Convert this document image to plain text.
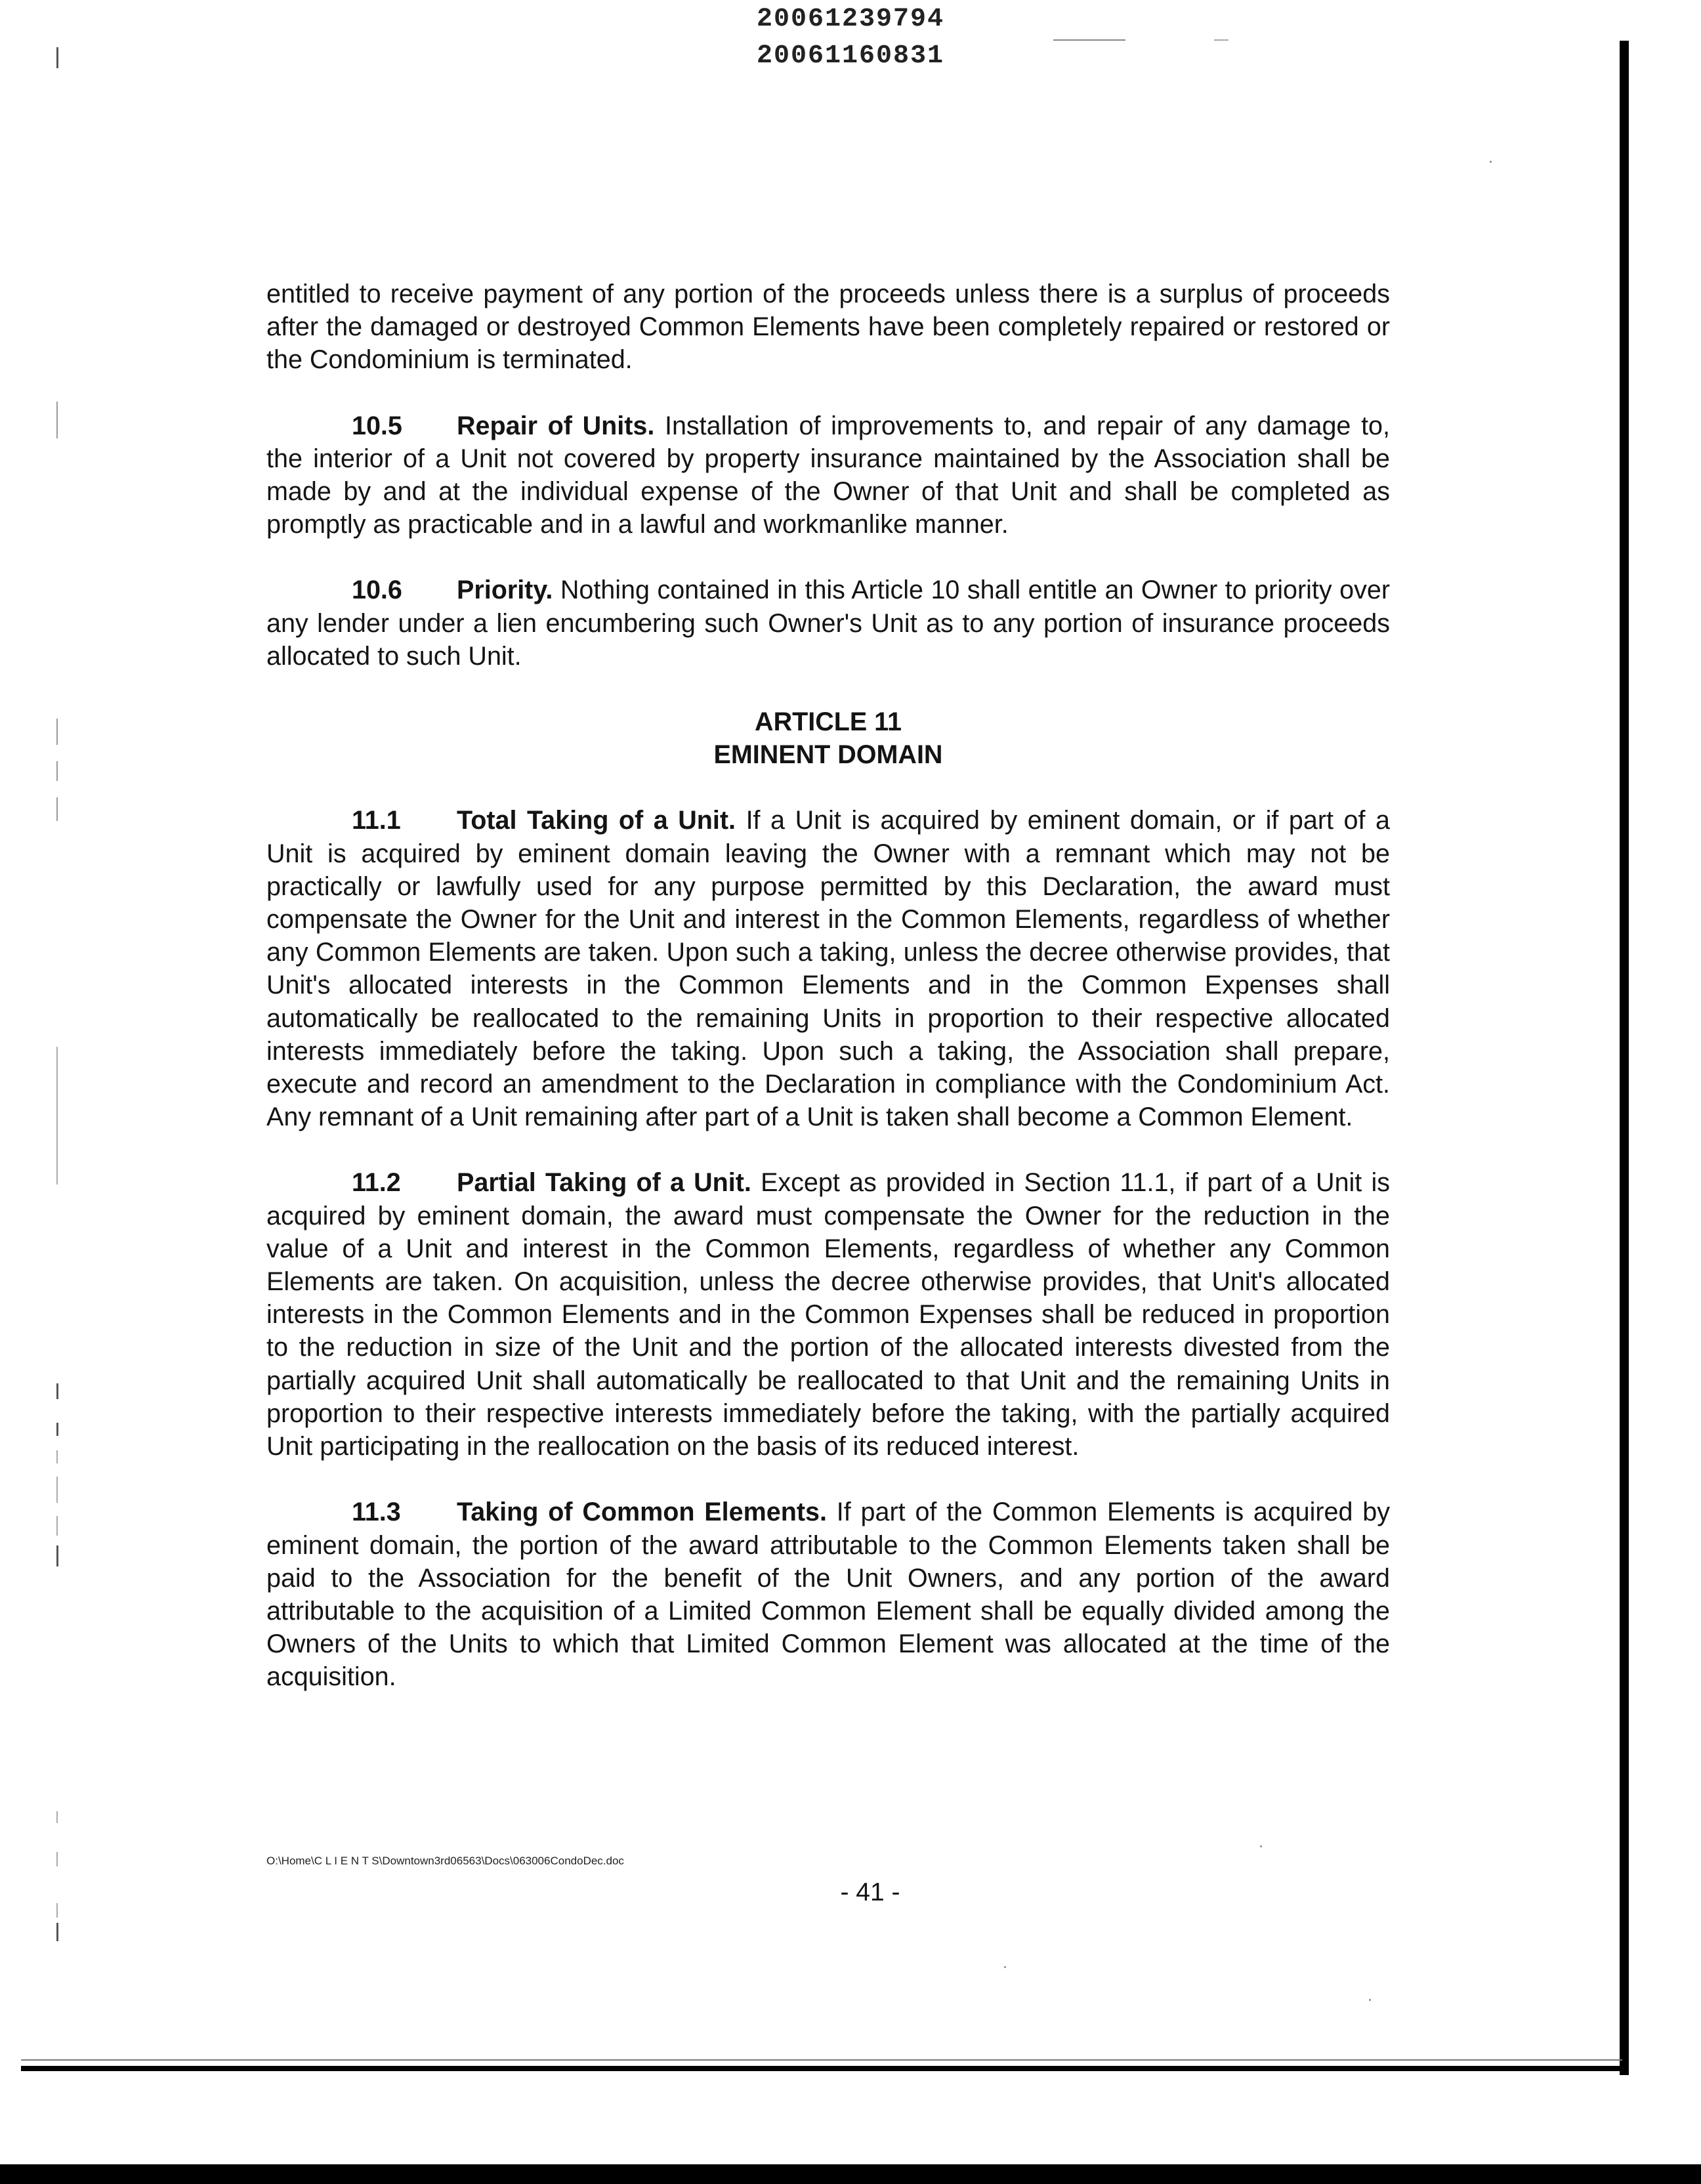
20061239794
20061160831

entitled to receive payment of any portion of the proceeds unless there is a surplus of proceeds after the damaged or destroyed Common Elements have been completely repaired or restored or the Condominium is terminated.

10.5 Repair of Units. Installation of improvements to, and repair of any damage to, the interior of a Unit not covered by property insurance maintained by the Association shall be made by and at the individual expense of the Owner of that Unit and shall be completed as promptly as practicable and in a lawful and workmanlike manner.

10.6 Priority. Nothing contained in this Article 10 shall entitle an Owner to priority over any lender under a lien encumbering such Owner's Unit as to any portion of insurance proceeds allocated to such Unit.

ARTICLE 11

EMINENT DOMAIN

11.1 Total Taking of a Unit. If a Unit is acquired by eminent domain, or if part of a Unit is acquired by eminent domain leaving the Owner with a remnant which may not be practically or lawfully used for any purpose permitted by this Declaration, the award must compensate the Owner for the Unit and interest in the Common Elements, regardless of whether any Common Elements are taken. Upon such a taking, unless the decree otherwise provides, that Unit's allocated interests in the Common Elements and in the Common Expenses shall automatically be reallocated to the remaining Units in proportion to their respective allocated interests immediately before the taking. Upon such a taking, the Association shall prepare, execute and record an amendment to the Declaration in compliance with the Condominium Act. Any remnant of a Unit remaining after part of a Unit is taken shall become a Common Element.

11.2 Partial Taking of a Unit. Except as provided in Section 11.1, if part of a Unit is acquired by eminent domain, the award must compensate the Owner for the reduction in the value of a Unit and interest in the Common Elements, regardless of whether any Common Elements are taken. On acquisition, unless the decree otherwise provides, that Unit's allocated interests in the Common Elements and in the Common Expenses shall be reduced in proportion to the reduction in size of the Unit and the portion of the allocated interests divested from the partially acquired Unit shall automatically be reallocated to that Unit and the remaining Units in proportion to their respective interests immediately before the taking, with the partially acquired Unit participating in the reallocation on the basis of its reduced interest.

11.3 Taking of Common Elements. If part of the Common Elements is acquired by eminent domain, the portion of the award attributable to the Common Elements taken shall be paid to the Association for the benefit of the Unit Owners, and any portion of the award attributable to the acquisition of a Limited Common Element shall be equally divided among the Owners of the Units to which that Limited Common Element was allocated at the time of the acquisition.

O:\Home\C L I E N T S\Downtown3rd06563\Docs\063006CondoDec.doc
- 41 -
